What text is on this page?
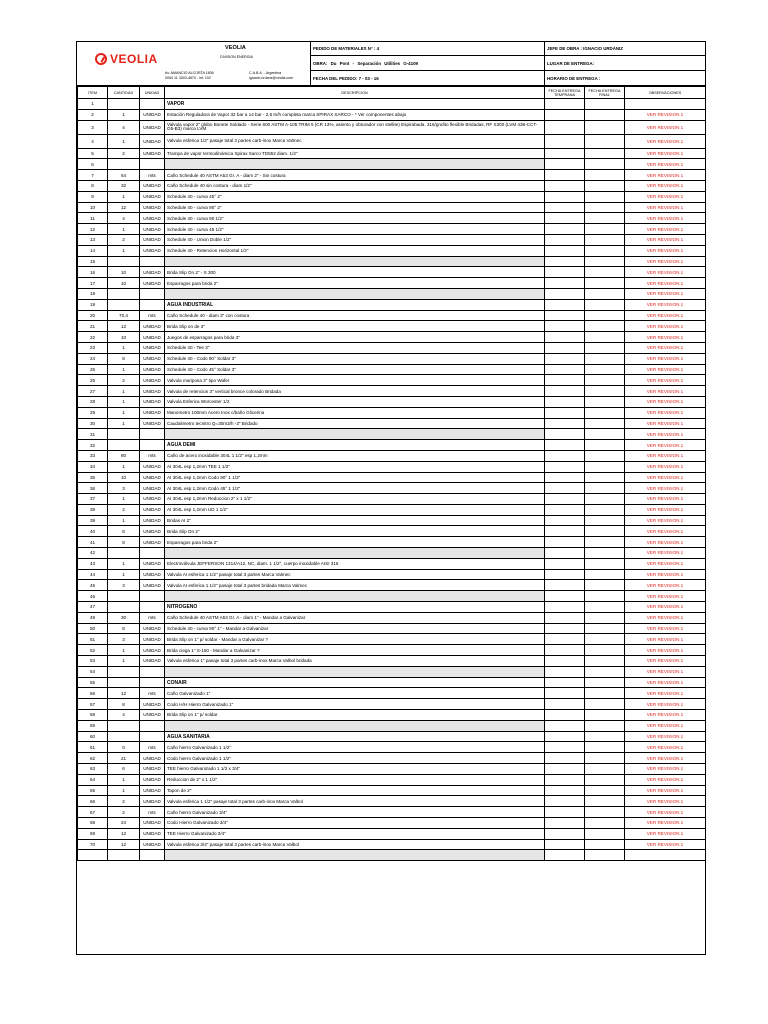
VEOLIA
VEOLIA
DIVISION ENERGIA
Av. AMANCIO ALCORTA 1806	C.A.B.A. - Argentina
0054 11 4303-4870 - int. 102	ignacio.urdanz@veolia.com
PEDIDO DE MATERIALES N° : 4
OBRA: Du Pont - Separación Utilities O-4109
FECHA DEL PEDIDO: 7 - 03 - 16
JEFE DE OBRA : IGNACIO URDÁNIZ
LUGAR DE ENTREGA:
HORARIO DE ENTREGA :
ITEM	CANTIDAD	UNIDAD	DESCRIPCION	FECHA ENTREGA TEMPRANA	FECHA ENTREGA FINAL	OBSERVACIONES
1			VAPOR			
2	1	UNIDAD	Estación Reguladora de Vapor 32 bar a 14 bar - 2,5 tn/h completa marca SPIRAX SARCO - * Ver componentes abajo			VER REVISION 1
3	4	UNIDAD	Valvula vapor 2" globo Bonete Soldado - Serie 600 ASTM A-105 TRIM 5 (CR 13%, asiento y obturador con stellite) Espirabada. 316/grafito flexible Bridadas, RF S300 (LVM 438-CCT-G5-B3) marca LVM			VER REVISION 1
4	1	UNIDAD	Valvula esferica 1/2" pasaje total 3 partes carb-inox Marca Valmec			VER REVISION 1
5	2	UNIDAD	Trampa de vapor termodinámica Spirax Sarco TD552 diam. 1/2"			VER REVISION 1
6						VER REVISION 1
7	64	mts	Caño Schedule 40 ASTM A53 Gr. A - diam 2" - Sin costura			VER REVISION 1
8	32	UNIDAD	Caño Schedule 40 sin costura - diam 1/2"			VER REVISION 1
9	1	UNIDAD	Schedule 40 - curva 45° 2"			VER REVISION 1
10	12	UNIDAD	Schedule 40 - curva 90° 2"			VER REVISION 1
11	4	UNIDAD	Schedule 40 - curva 90 1/2"			VER REVISION 1
12	1	UNIDAD	Schedule 40 - curva 45 1/2"			VER REVISION 1
13	2	UNIDAD	Schedule 40 - Union Doble 1/2"			VER REVISION 1
14	1	UNIDAD	Schedule 40 - Retencion Horizontal 1/2"			VER REVISION 1
15						VER REVISION 1
16	10	UNIDAD	Brida Slip On 2" - S 300			VER REVISION 1
17	10	UNIDAD	Esparragos para brida 2"			VER REVISION 1
18						VER REVISION 1
19			AGUA INDUSTRIAL			VER REVISION 1
20	70.4	mts	Caño Schedule 40 - diam 3" con costura			VER REVISION 1
21	12	UNIDAD	Brida Slip on de 3"			VER REVISION 1
22	10	UNIDAD	Juegos de esparragos para brida 3"			VER REVISION 1
23	1	UNIDAD	Schedule 40 - Tee 3"			VER REVISION 1
24	8	UNIDAD	Schedule 40 - Codo 90° Soldar 3"			VER REVISION 1
25	1	UNIDAD	Schedule 40 - Codo 45° Soldar 3"			VER REVISION 1
26	2	UNIDAD	Valvula mariposa 3" tipo Wafer			VER REVISION 1
27	1	UNIDAD	Valvula de retencion 3" vertical bronce colorado Bridada			VER REVISION 1
28	1	UNIDAD	Valvula Esferica Worcester 1/2			VER REVISION 1
29	1	UNIDAD	Manometro 100mm Acero Inox c/baño Glicerina			VER REVISION 1
30	1	UNIDAD	Caudalimetro tecnitro Q=30m3/h -3" Bridado			VER REVISION 1
31						VER REVISION 1
32			AGUA DEMI			VER REVISION 1
33	80	mts	Caño de acero inoxidable 304L 1 1/2" esp 1,2mm			VER REVISION 1
34	1	UNIDAD	AI 304L esp 1,2mm TEE 1 1/2"			VER REVISION 1
35	10	UNIDAD	AI 304L esp 1,2mm Codo 90° 1 1/2"			VER REVISION 1
36	3	UNIDAD	AI 304L esp 1,2mm Codo 45° 1 1/2"			VER REVISION 1
37	1	UNIDAD	AI 304L esp 1,2mm Reduccion 2" x 1 1/2"			VER REVISION 1
38	2	UNIDAD	AI 304L esp 1,2mm UD 1 1/2"			VER REVISION 1
39	1	UNIDAD	Bridas AI 2"			VER REVISION 1
40	8	UNIDAD	Brida Slip On 2"			VER REVISION 1
41	8	UNIDAD	Esparragos para brida 2"			VER REVISION 1
42						VER REVISION 1
43	1	UNIDAD	Electroválvula JEFFERSON 1314/A12, NC, diam. 1 1/2", cuerpo inoxidable AISI 316			VER REVISION 1
44	1	UNIDAD	Valvula AI esferica 1 1/2" pasaje total 3 partes Marca Valmec			VER REVISION 1
45	3	UNIDAD	Valvula AI esferica 1 1/2" pasaje total 3 partes bridada Marca Valmec			VER REVISION 1
46						VER REVISION 1
47			NITROGENO			VER REVISION 1
49	30	mts	Caño Schedule 40 ASTM A53 Gr. A - diam 1" - Mandar a Galvanizar			VER REVISION 1
50	8	UNIDAD	Schedule 40 - curva 90° 1" - Mandar a Galvanizar			VER REVISION 1
51	3	UNIDAD	Brida Slip on 1" p/ soldar - Mandar a Galvanizar ?			VER REVISION 1
52	1	UNIDAD	Brida ciega 1" S-150 - Mandar a Galvanizar ?			VER REVISION 1
53	1	UNIDAD	Valvula esferica 1" pasaje total 3 partes carb-inox Marca Valbol bridada			VER REVISION 1
54						VER REVISION 1
55			CONAIR			VER REVISION 1
56	12	mts	Caño Galvanizado 1"			VER REVISION 1
57	8	UNIDAD	Codo H/H Hierro Galvanizado 1"			VER REVISION 1
58	4	UNIDAD	Brida Slip on 1" p/ soldar			VER REVISION 1
59						VER REVISION 1
60			AGUA SANITARIA			VER REVISION 1
61	0	mts	Caño hierro Galvanizado 1 1/2"			VER REVISION 1
62	21	UNIDAD	Codo hierro Galvanizado 1 1/2"			VER REVISION 1
63	6	UNIDAD	TEE hierro Galvanizado 1 1/2 x 3/4"			VER REVISION 1
64	1	UNIDAD	Reduccion de 2" x 1 1/2"			VER REVISION 1
65	1	UNIDAD	Tapon de 2"			VER REVISION 1
66	2	UNIDAD	Valvula esferica 1 1/2" pasaje total 3 partes carb-inox Marca Valbol			VER REVISION 1
67	2	mts	Caño hierro Galvanizado 3/4"			VER REVISION 1
68	24	UNIDAD	Codo Hierro Galvanizado 3/4"			VER REVISION 1
69	12	UNIDAD	TEE Hierro Galvanizado 3/4"			VER REVISION 1
70	12	UNIDAD	Valvula esferica 3/4" pasaje total 3 partes carb-inox Marca Valbol			VER REVISION 1
